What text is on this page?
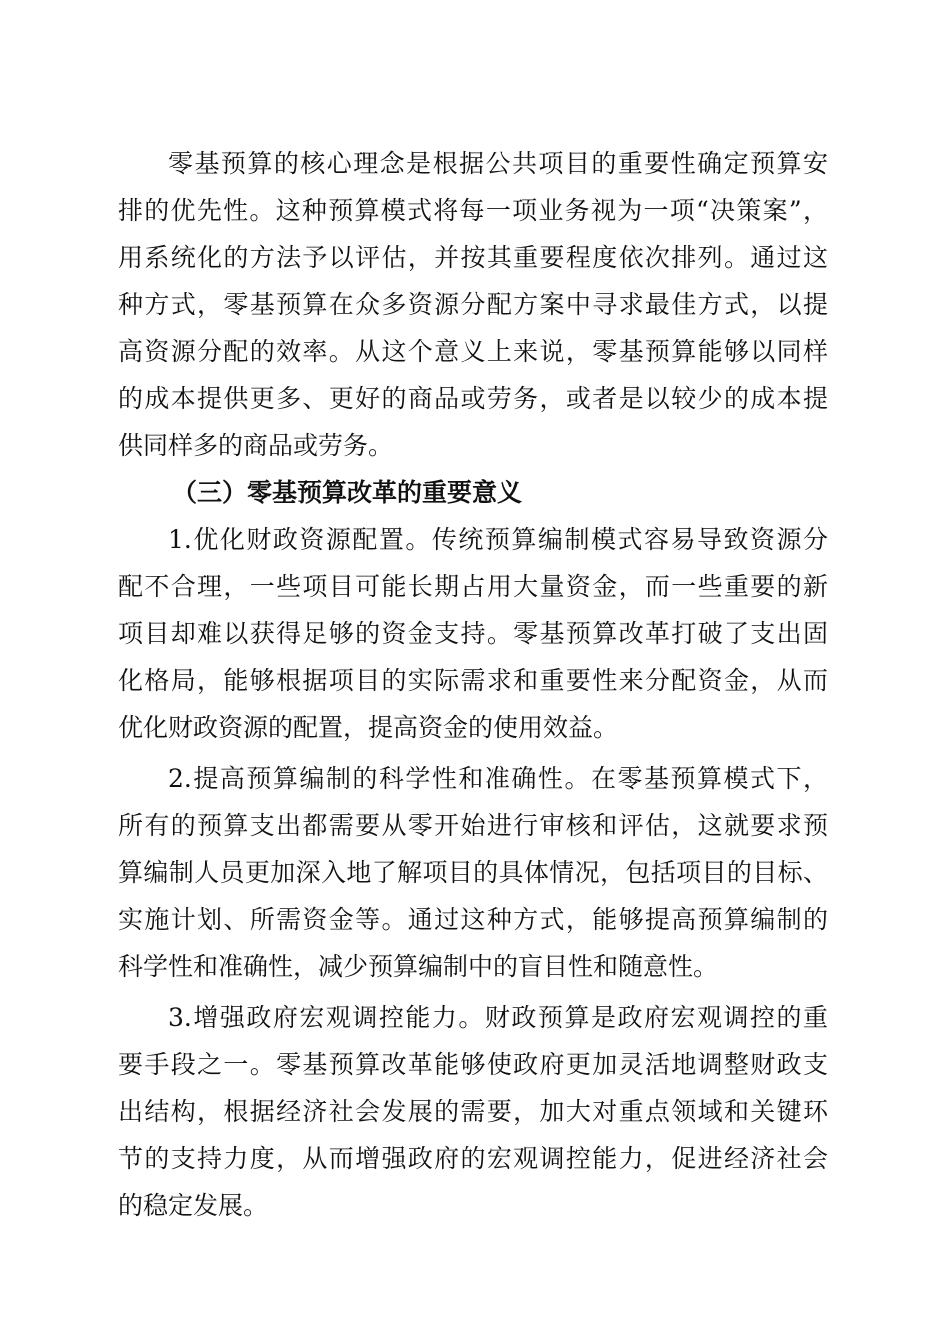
零基预算的核心理念是根据公共项目的重要性确定预算安
排的优先性。这种预算模式将每一项业务视为一项“决策案”，
用系统化的方法予以评估，并按其重要程度依次排列。通过这
种方式，零基预算在众多资源分配方案中寻求最佳方式，以提
高资源分配的效率。从这个意义上来说，零基预算能够以同样
的成本提供更多、更好的商品或劳务，或者是以较少的成本提
供同样多的商品或劳务。
（三）零基预算改革的重要意义
1.优化财政资源配置。传统预算编制模式容易导致资源分
配不合理，一些项目可能长期占用大量资金，而一些重要的新
项目却难以获得足够的资金支持。零基预算改革打破了支出固
化格局，能够根据项目的实际需求和重要性来分配资金，从而
优化财政资源的配置，提高资金的使用效益。
2.提高预算编制的科学性和准确性。在零基预算模式下，
所有的预算支出都需要从零开始进行审核和评估，这就要求预
算编制人员更加深入地了解项目的具体情况，包括项目的目标、
实施计划、所需资金等。通过这种方式，能够提高预算编制的
科学性和准确性，减少预算编制中的盲目性和随意性。
3.增强政府宏观调控能力。财政预算是政府宏观调控的重
要手段之一。零基预算改革能够使政府更加灵活地调整财政支
出结构，根据经济社会发展的需要，加大对重点领域和关键环
节的支持力度，从而增强政府的宏观调控能力，促进经济社会
的稳定发展。
